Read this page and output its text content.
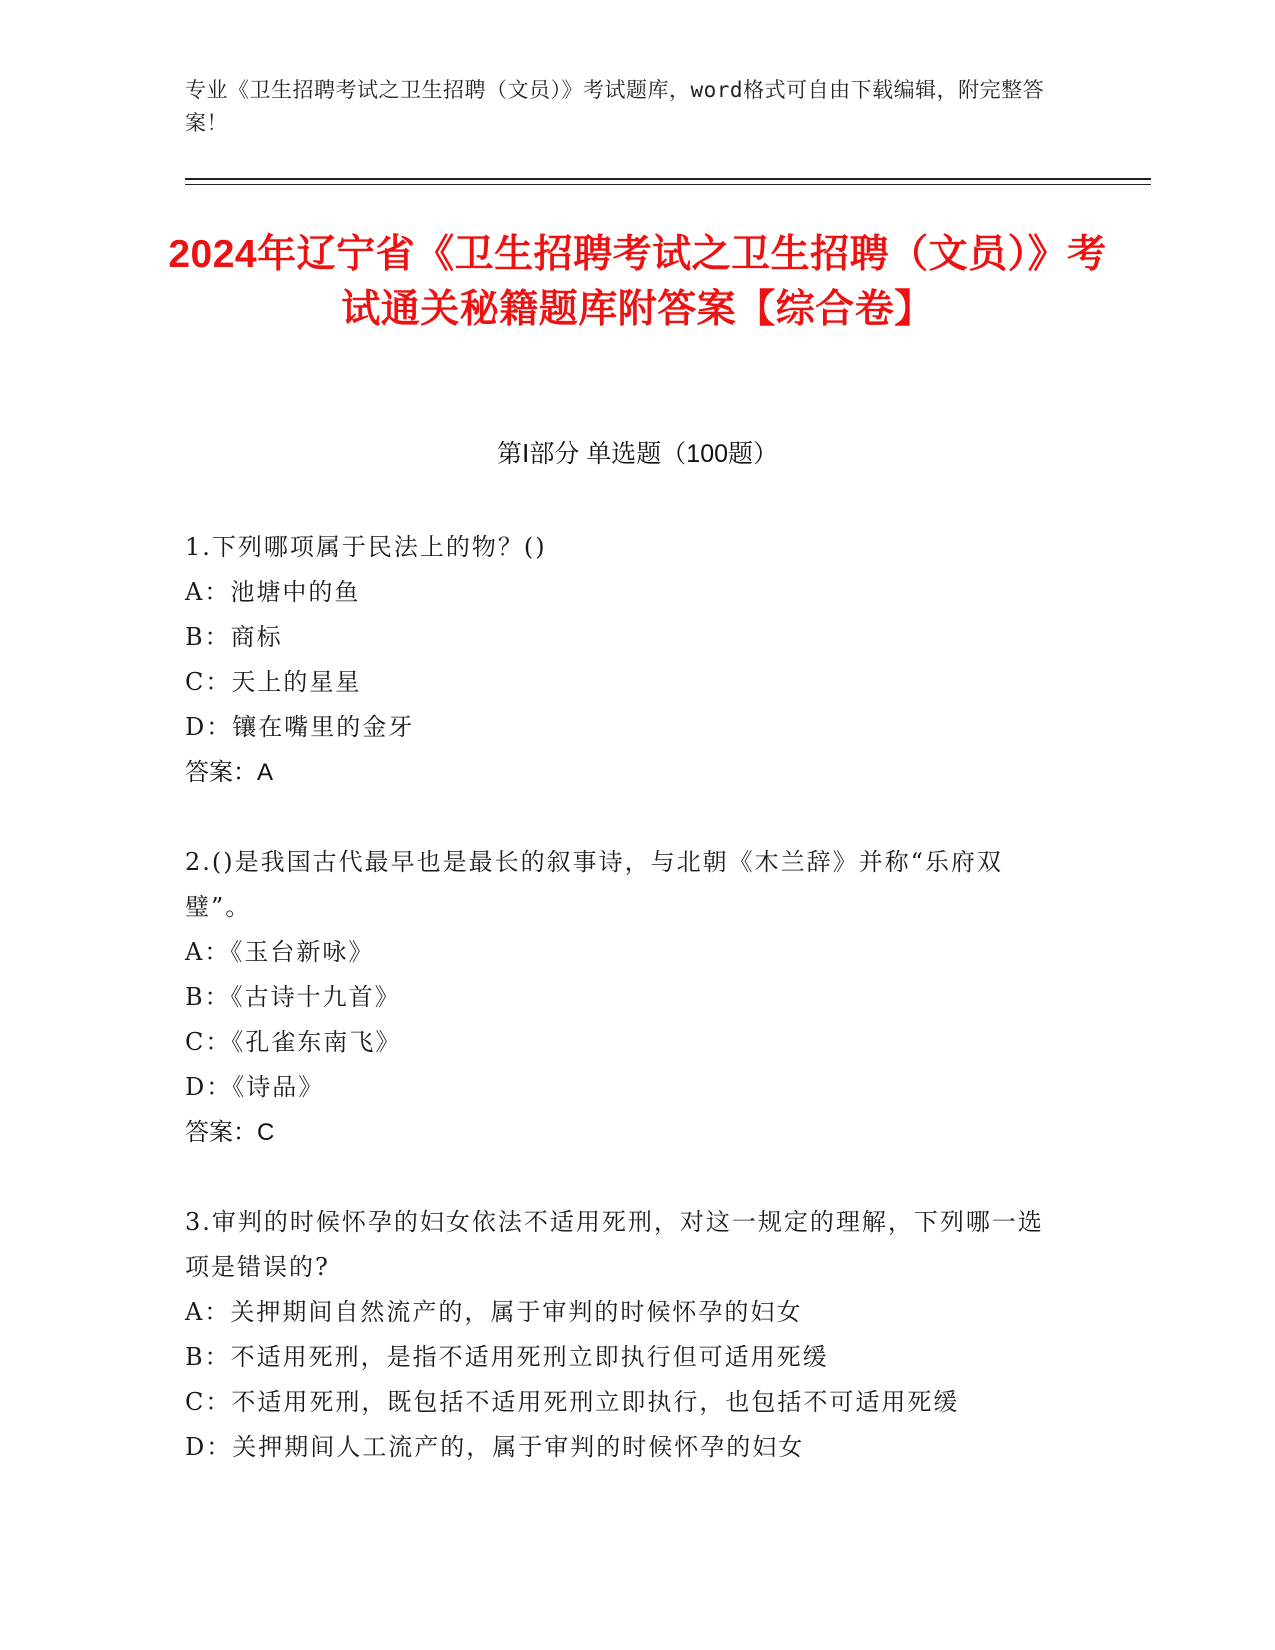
专业《卫生招聘考试之卫生招聘（文员）》考试题库，word格式可自由下载编辑，附完整答案！
2024年辽宁省《卫生招聘考试之卫生招聘（文员）》考试通关秘籍题库附答案【综合卷】
第Ⅰ部分 单选题（100题）

1.下列哪项属于民法上的物？()

A：池塘中的鱼

B：商标

C：天上的星星

D：镶在嘴里的金牙

答案：A

2.()是我国古代最早也是最长的叙事诗，与北朝《木兰辞》并称“乐府双璧”。

A：《玉台新咏》

B：《古诗十九首》

C：《孔雀东南飞》

D：《诗品》

答案：C

3.审判的时候怀孕的妇女依法不适用死刑，对这一规定的理解，下列哪一选项是错误的?

A：关押期间自然流产的，属于审判的时候怀孕的妇女

B：不适用死刑，是指不适用死刑立即执行但可适用死缓

C：不适用死刑，既包括不适用死刑立即执行，也包括不可适用死缓

D：关押期间人工流产的，属于审判的时候怀孕的妇女
